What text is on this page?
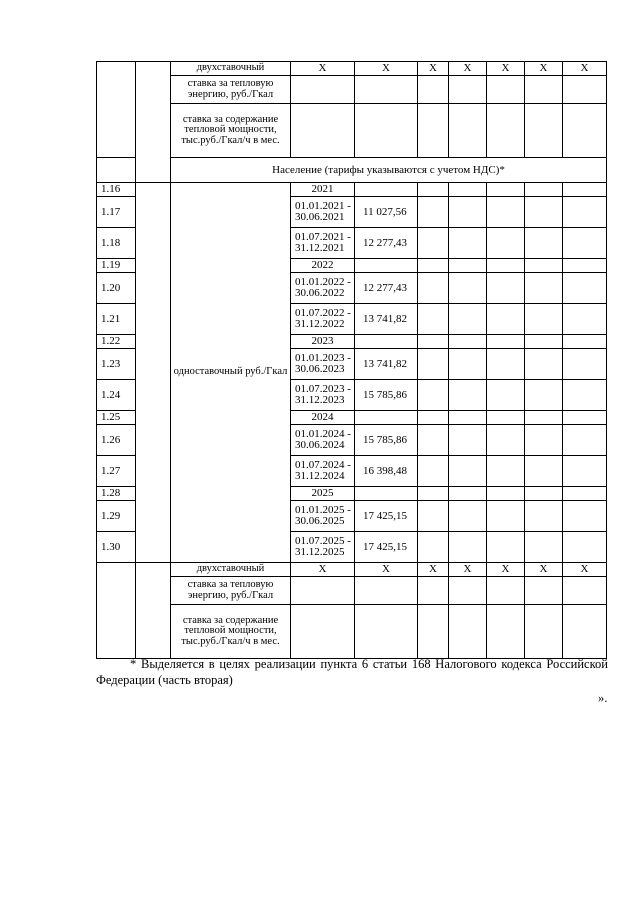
		двухставочный	X	X	X	X	X	X	X
		ставка за тепловую энергию, руб./Гкал							
		ставка за содержание тепловой мощности, тыс.руб./Гкал/ч в мес.							
		Население (тарифы указываются с учетом НДС)*							
1.16		одноставочный руб./Гкал	2021						
1.17			01.01.2021 - 30.06.2021	11 027,56					
1.18			01.07.2021 - 31.12.2021	12 277,43					
1.19			2022						
1.20			01.01.2022 - 30.06.2022	12 277,43					
1.21			01.07.2022 - 31.12.2022	13 741,82					
1.22			2023						
1.23			01.01.2023 - 30.06.2023	13 741,82					
1.24			01.07.2023 - 31.12.2023	15 785,86					
1.25			2024						
1.26			01.01.2024 - 30.06.2024	15 785,86					
1.27			01.07.2024 - 31.12.2024	16 398,48					
1.28			2025						
1.29			01.01.2025 - 30.06.2025	17 425,15					
1.30			01.07.2025 - 31.12.2025	17 425,15					
		двухставочный	X	X	X	X	X	X	X
		ставка за тепловую энергию, руб./Гкал							
		ставка за содержание тепловой мощности, тыс.руб./Гкал/ч в мес.							
* Выделяется в целях реализации пункта 6 статьи 168 Налогового кодекса Российской Федерации (часть вторая)
».
